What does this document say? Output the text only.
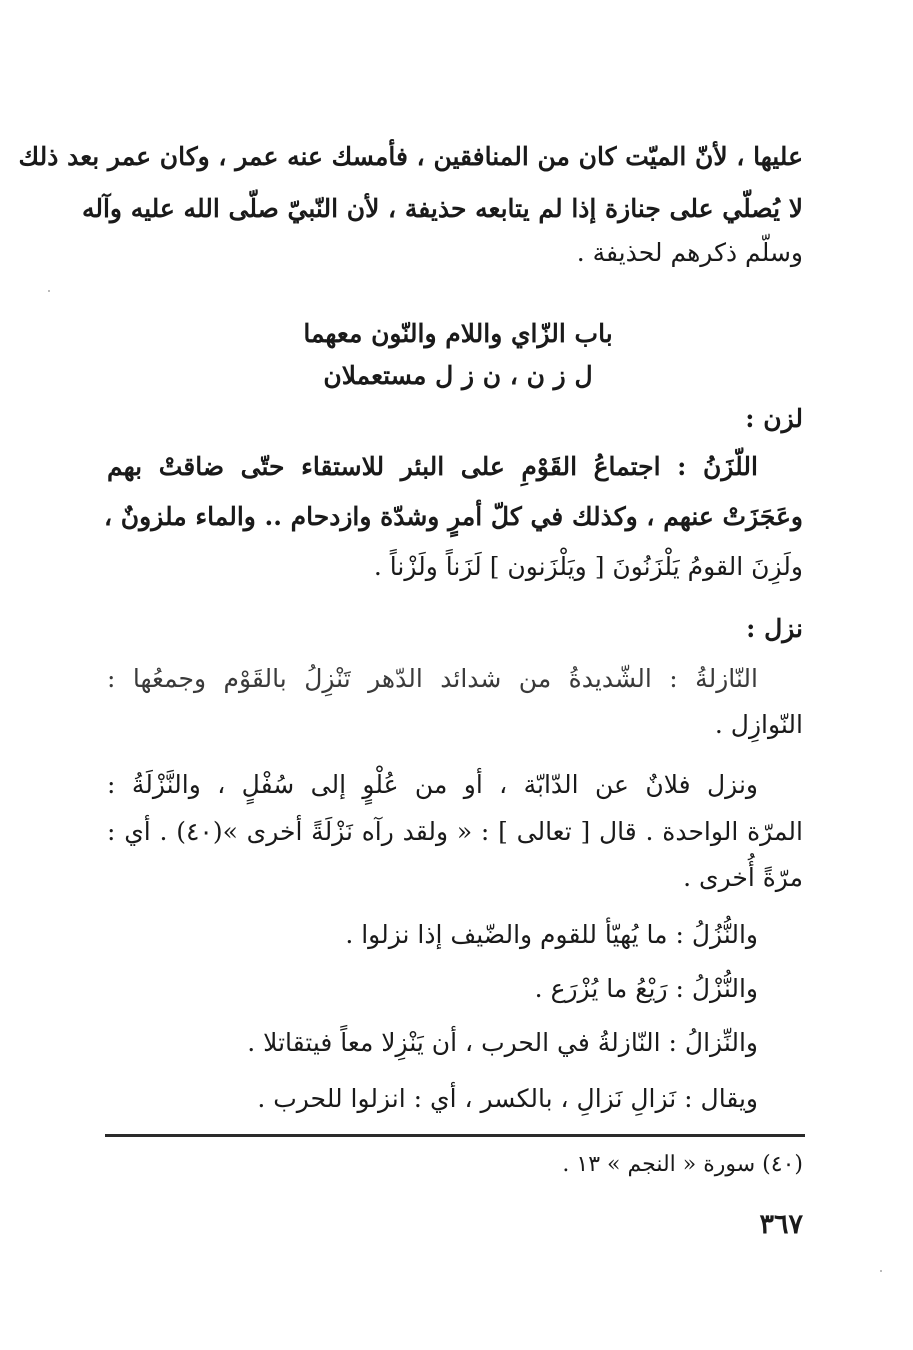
عليها ، لأنّ الميّت كان من المنافقين ، فأمسك عنه عمر ، وكان عمر بعد ذلك
لا يُصلّي على جنازة إذا لم يتابعه حذيفة ، لأن النّبيّ صلّى الله عليه وآله
وسلّم ذكرهم لحذيفة .
باب الزّاي واللام والنّون معهما
ل ز ن ، ن ز ل مستعملان
لزن :
اللّزَنُ : اجتماعُ القَوْمِ على البئر للاستقاء حتّى ضاقتْ بهم
وعَجَزَتْ عنهم ، وكذلك في كلّ أمرٍ وشدّة وازدحام .. والماء ملزونٌ ،
ولَزِنَ القومُ يَلْزَنُونَ [ ويَلْزَنون ] لَزَناً ولَزْناً .
نزل :
النّازلةُ : الشّديدةُ من شدائد الدّهر تَنْزِلُ بالقَوْم وجمعُها :
النّوازِل .
ونزل فلانٌ عن الدّابّة ، أو من عُلْوٍ إلى سُفْلٍ ، والنَّزْلَةُ :
المرّة الواحدة . قال [ تعالى ] : « ولقد رآه نَزْلَةً أخرى »(٤٠) . أي :
مرّةً أُخرى .
والنُّزُلُ : ما يُهيّأ للقوم والضّيف إذا نزلوا .
والنُّزْلُ : رَيْعُ ما يُزْرَع .
والنِّزالُ : النّازلةُ في الحرب ، أن يَنْزِلا معاً فيتقاتلا .
ويقال : نَزالِ نَزالِ ، بالكسر ، أي : انزلوا للحرب .
(٤٠) سورة « النجم » ١٣ .
٣٦٧
